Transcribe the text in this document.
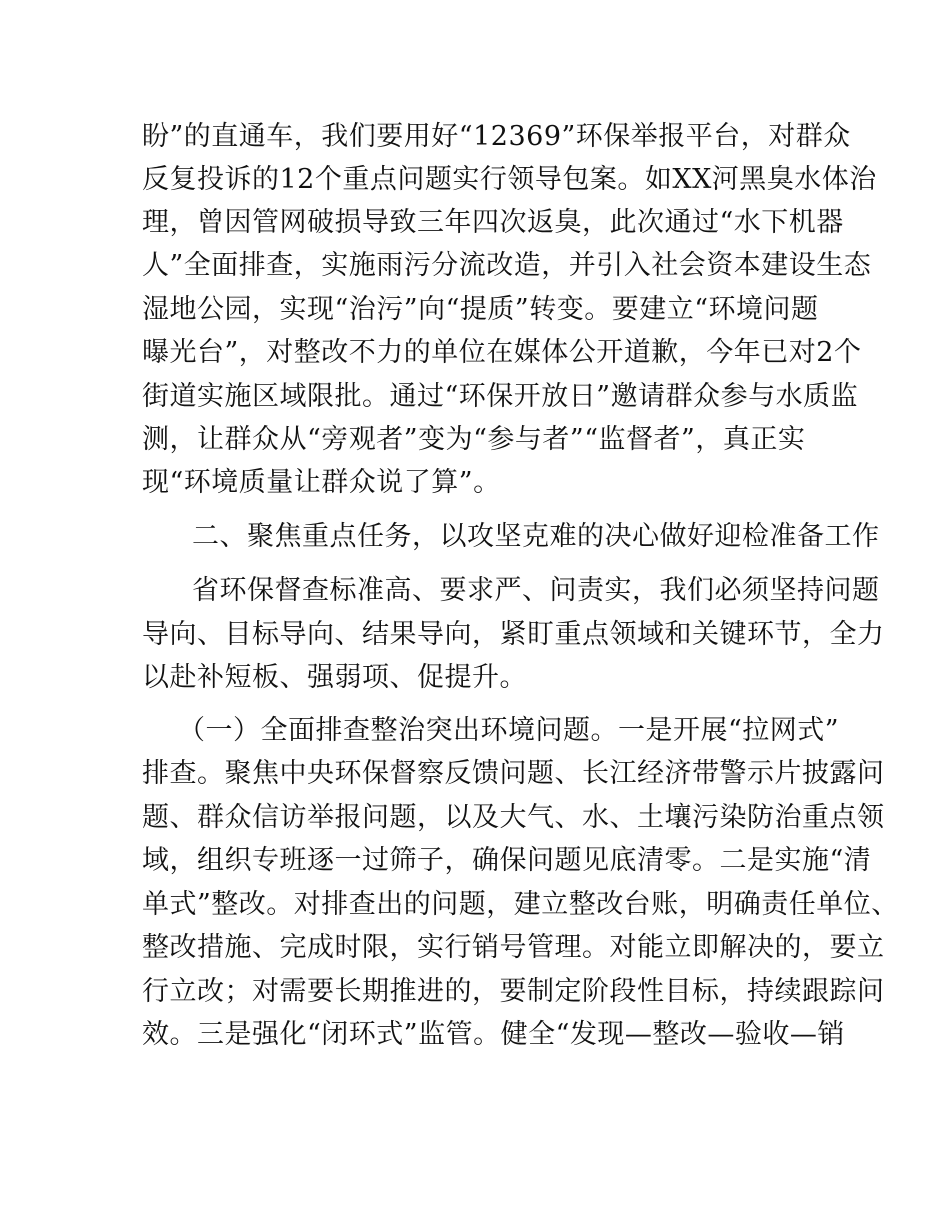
盼”的直通车，我们要用好“12369”环保举报平台，对群众
反复投诉的12个重点问题实行领导包案。如XX河黑臭水体治
理，曾因管网破损导致三年四次返臭，此次通过“水下机器
人”全面排查，实施雨污分流改造，并引入社会资本建设生态
湿地公园，实现“治污”向“提质”转变。要建立“环境问题
曝光台”，对整改不力的单位在媒体公开道歉，今年已对2个
街道实施区域限批。通过“环保开放日”邀请群众参与水质监
测，让群众从“旁观者”变为“参与者”“监督者”，真正实
现“环境质量让群众说了算”。
二、聚焦重点任务，以攻坚克难的决心做好迎检准备工作
省环保督查标准高、要求严、问责实，我们必须坚持问题
导向、目标导向、结果导向，紧盯重点领域和关键环节，全力
以赴补短板、强弱项、促提升。
（一）全面排查整治突出环境问题。一是开展“拉网式”
排查。聚焦中央环保督察反馈问题、长江经济带警示片披露问
题、群众信访举报问题，以及大气、水、土壤污染防治重点领
域，组织专班逐一过筛子，确保问题见底清零。二是实施“清
单式”整改。对排查出的问题，建立整改台账，明确责任单位、
整改措施、完成时限，实行销号管理。对能立即解决的，要立
行立改；对需要长期推进的，要制定阶段性目标，持续跟踪问
效。三是强化“闭环式”监管。健全“发现—整改—验收—销
